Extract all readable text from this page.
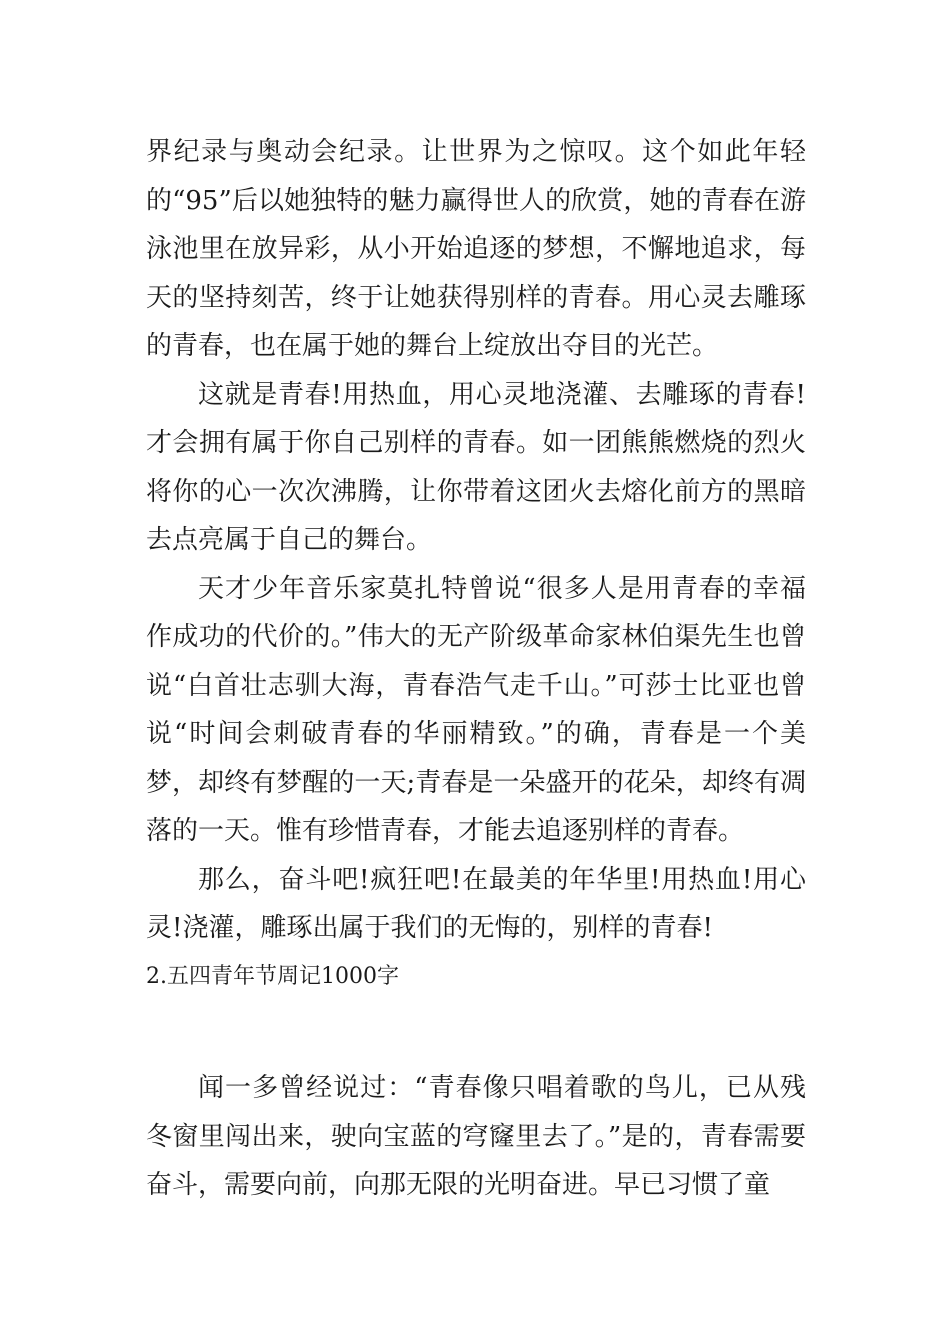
界纪录与奥动会纪录。让世界为之惊叹。这个如此年轻的“95”后以她独特的魅力赢得世人的欣赏，她的青春在游泳池里在放异彩，从小开始追逐的梦想，不懈地追求，每天的坚持刻苦，终于让她获得别样的青春。用心灵去雕琢的青春，也在属于她的舞台上绽放出夺目的光芒。

这就是青春!用热血，用心灵地浇灌、去雕琢的青春!才会拥有属于你自己别样的青春。如一团熊熊燃烧的烈火将你的心一次次沸腾，让你带着这团火去熔化前方的黑暗去点亮属于自己的舞台。

天才少年音乐家莫扎特曾说“很多人是用青春的幸福作成功的代价的。”伟大的无产阶级革命家林伯渠先生也曾说“白首壮志驯大海，青春浩气走千山。”可莎士比亚也曾说“时间会刺破青春的华丽精致。”的确，青春是一个美梦，却终有梦醒的一天;青春是一朵盛开的花朵，却终有凋落的一天。惟有珍惜青春，才能去追逐别样的青春。

那么，奋斗吧!疯狂吧!在最美的年华里!用热血!用心灵!浇灌，雕琢出属于我们的无悔的，别样的青春!

2.五四青年节周记1000字

闻一多曾经说过：“青春像只唱着歌的鸟儿，已从残冬窗里闯出来，驶向宝蓝的穹窿里去了。”是的，青春需要奋斗，需要向前，向那无限的光明奋进。早已习惯了童
